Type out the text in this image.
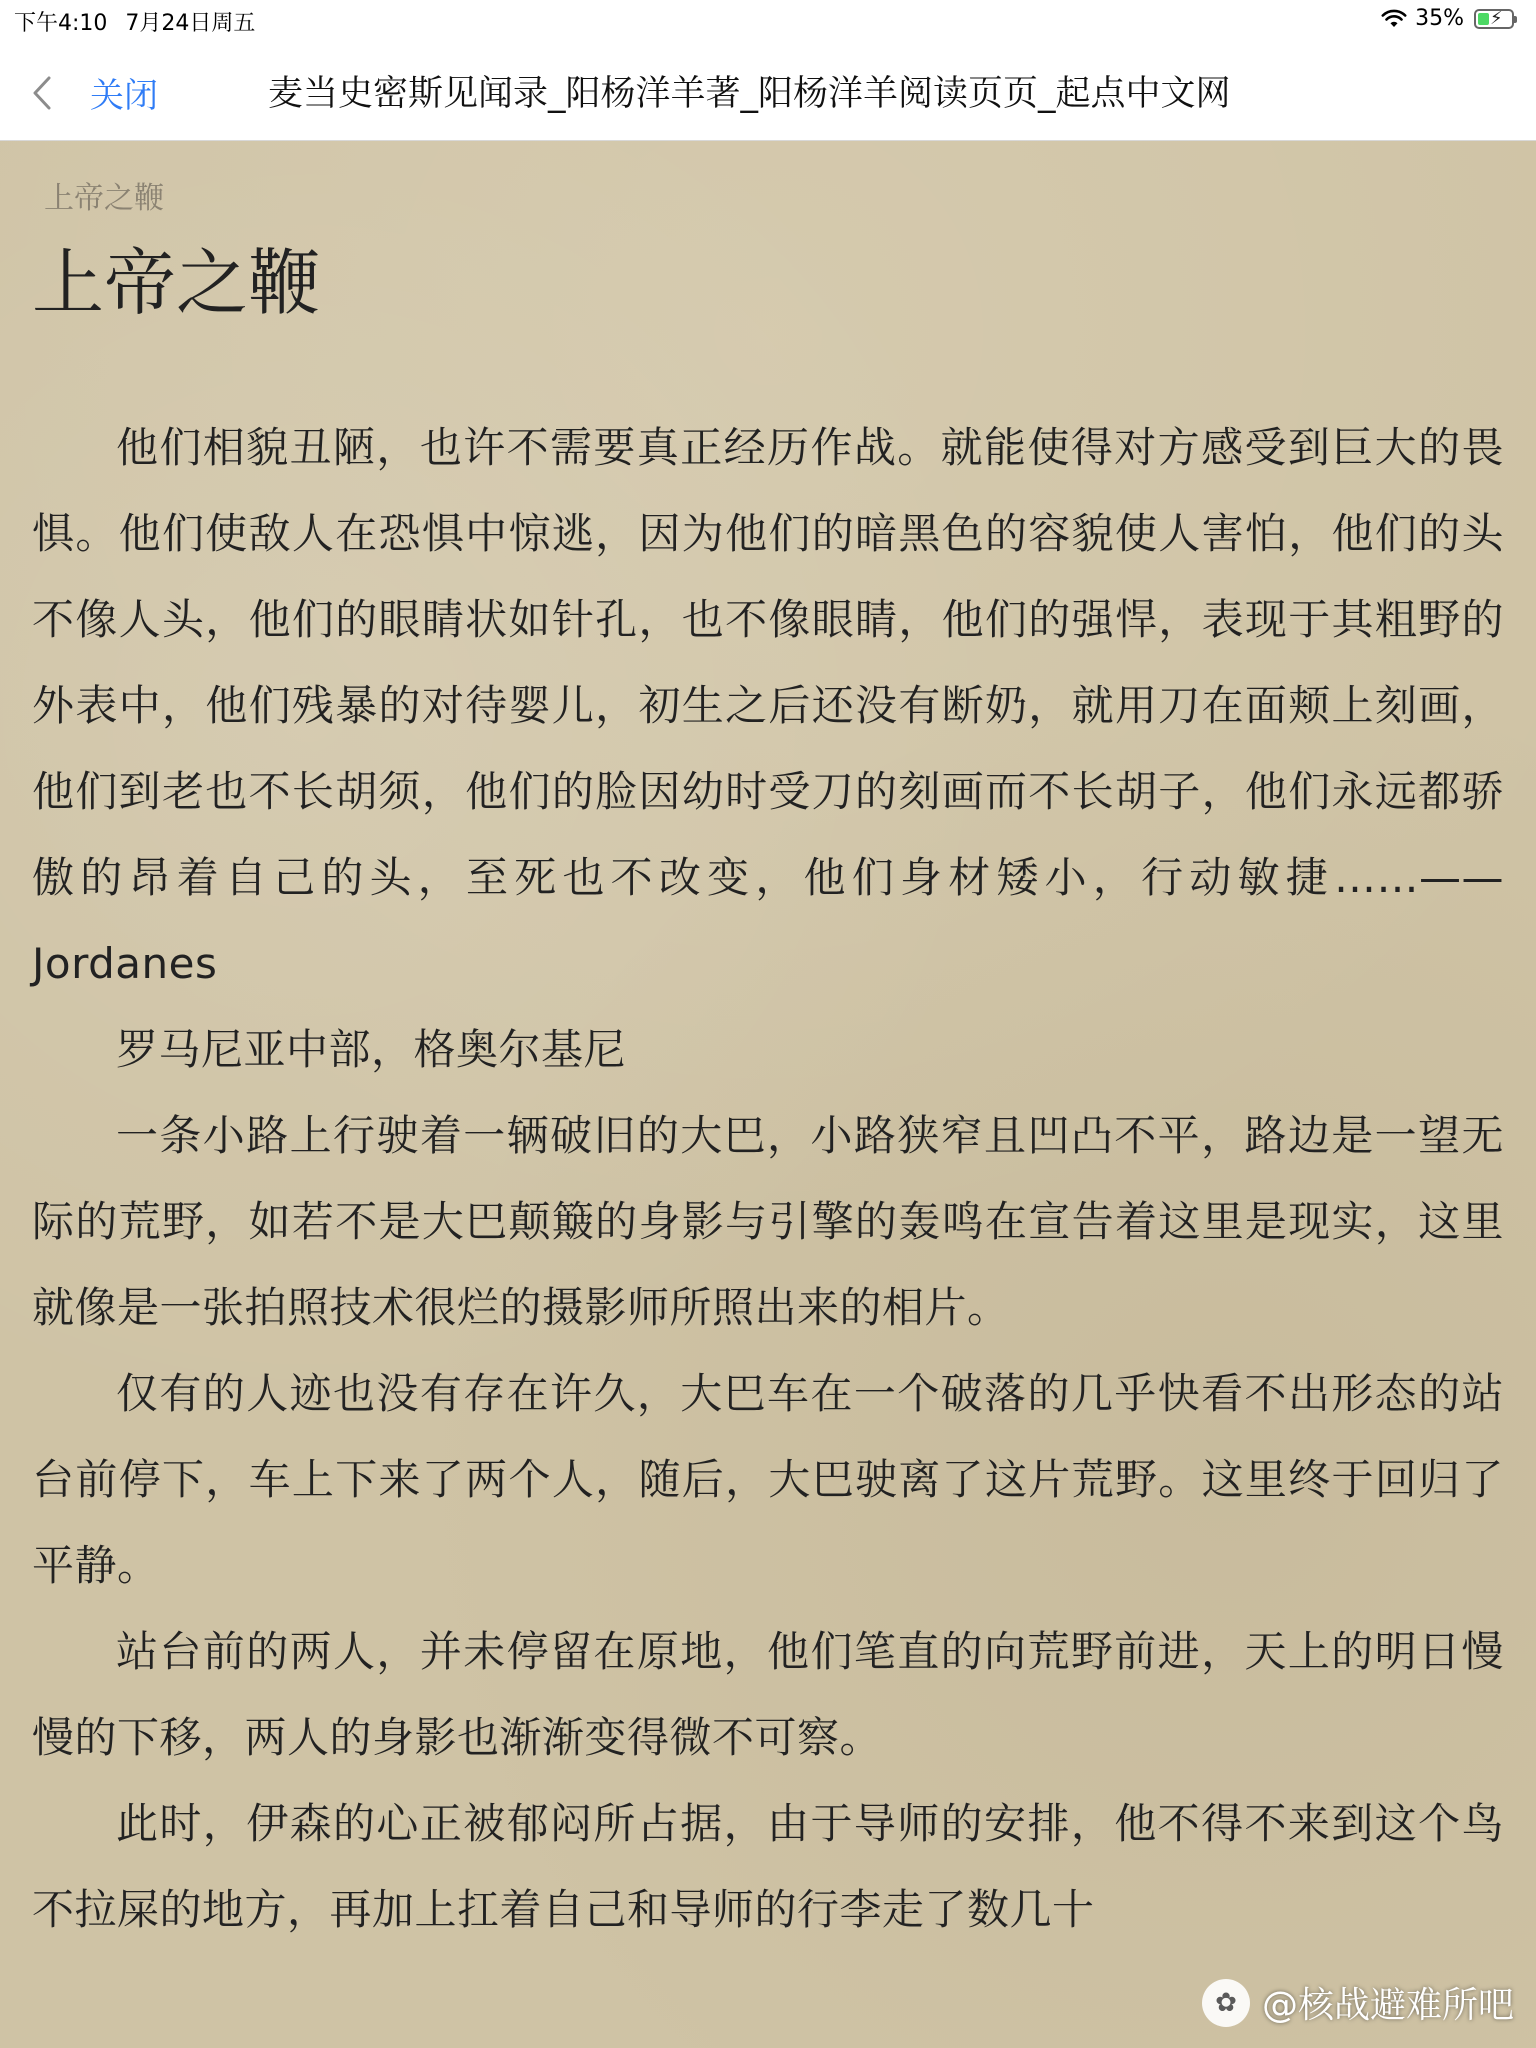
下午4:10 7月24日周五	35% ⚡
关闭	麦当史密斯见闻录_阳杨洋羊著_阳杨洋羊阅读页页_起点中文网
上帝之鞭
上帝之鞭

他们相貌丑陋，也许不需要真正经历作战。就能使得对方感受到巨大的畏惧。他们使敌人在恐惧中惊逃，因为他们的暗黑色的容貌使人害怕，他们的头不像人头，他们的眼睛状如针孔，也不像眼睛，他们的强悍，表现于其粗野的外表中，他们残暴的对待婴儿，初生之后还没有断奶，就用刀在面颊上刻画，他们到老也不长胡须，他们的脸因幼时受刀的刻画而不长胡子，他们永远都骄傲的昂着自己的头，至死也不改变，他们身材矮小，行动敏捷……——Jordanes

罗马尼亚中部，格奥尔基尼

一条小路上行驶着一辆破旧的大巴，小路狭窄且凹凸不平，路边是一望无际的荒野，如若不是大巴颠簸的身影与引擎的轰鸣在宣告着这里是现实，这里就像是一张拍照技术很烂的摄影师所照出来的相片。

仅有的人迹也没有存在许久，大巴车在一个破落的几乎快看不出形态的站台前停下，车上下来了两个人，随后，大巴驶离了这片荒野。这里终于回归了平静。

站台前的两人，并未停留在原地，他们笔直的向荒野前进，天上的明日慢慢的下移，两人的身影也渐渐变得微不可察。

此时，伊森的心正被郁闷所占据，由于导师的安排，他不得不来到这个鸟不拉屎的地方，再加上扛着自己和导师的行李走了数几十

✿ @核战避难所吧
